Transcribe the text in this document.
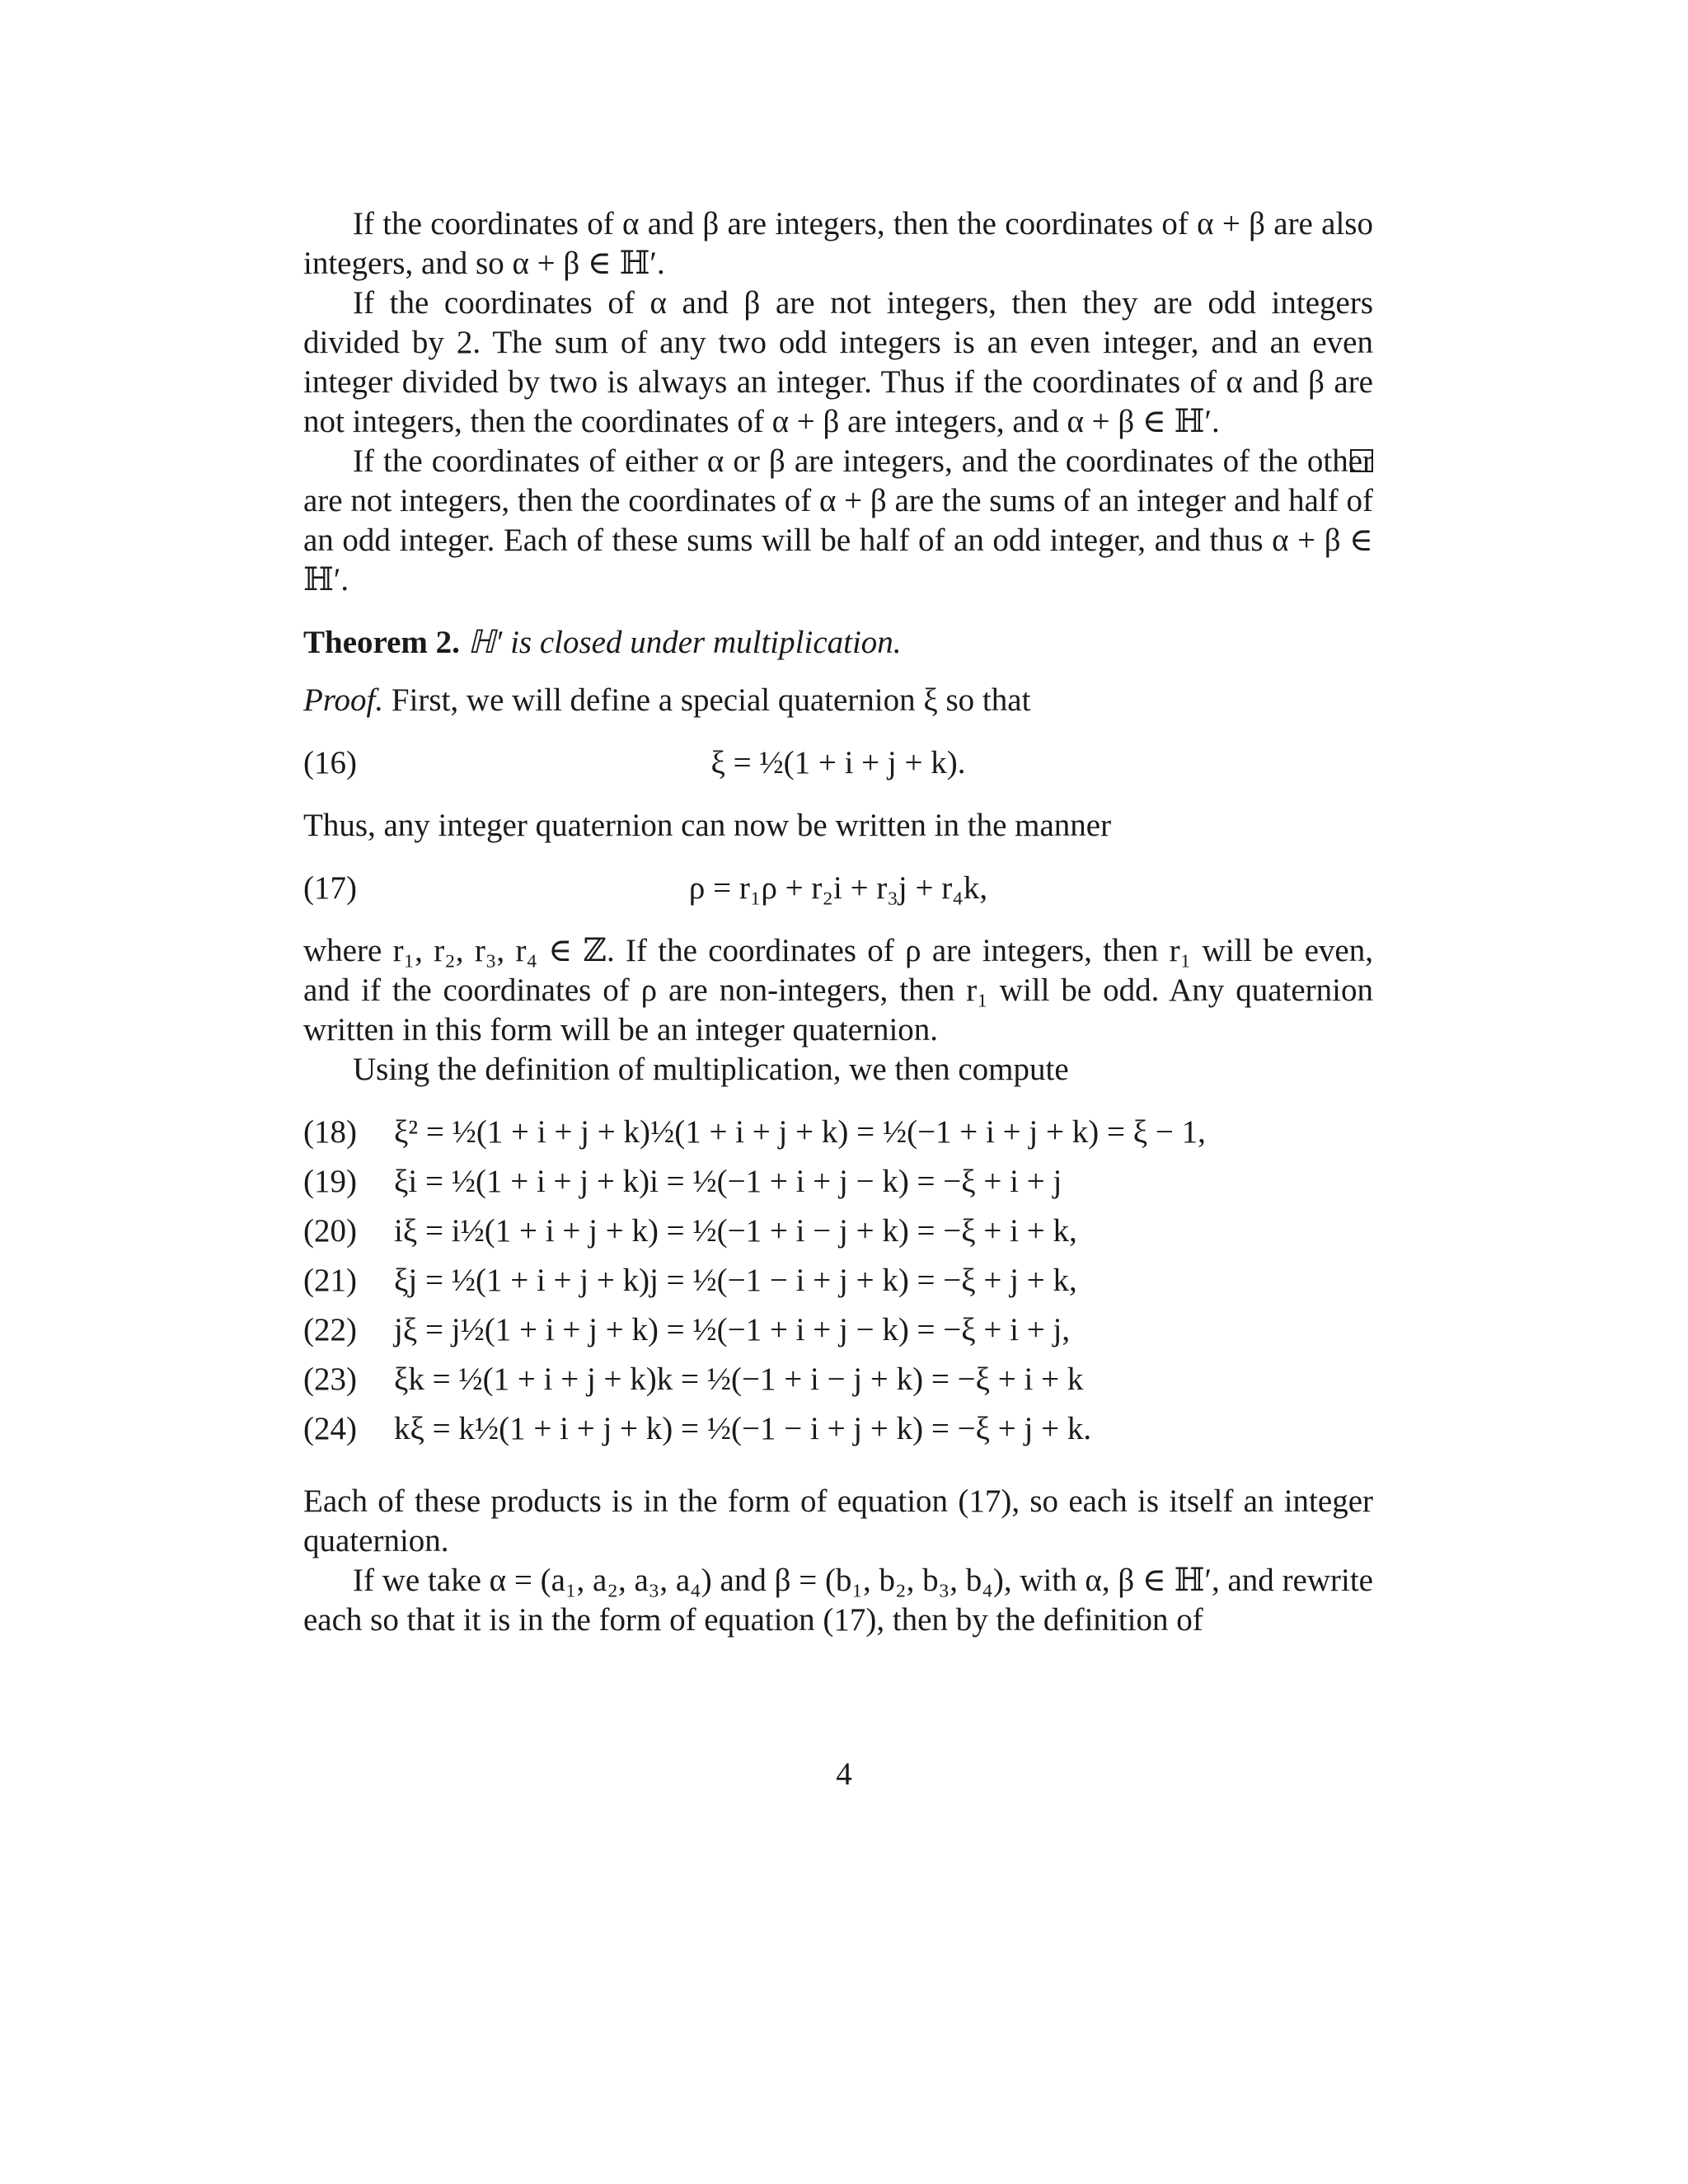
If the coordinates of α and β are integers, then the coordinates of α + β are also integers, and so α + β ∈ ℍ′.

If the coordinates of α and β are not integers, then they are odd integers divided by 2. The sum of any two odd integers is an even integer, and an even integer divided by two is always an integer. Thus if the coordinates of α and β are not integers, then the coordinates of α + β are integers, and α + β ∈ ℍ′.

If the coordinates of either α or β are integers, and the coordinates of the other are not integers, then the coordinates of α + β are the sums of an integer and half of an odd integer. Each of these sums will be half of an odd integer, and thus α + β ∈ ℍ′.

Theorem 2. ℍ′ is closed under multiplication.

Proof. First, we will define a special quaternion ξ so that

(16)	ξ = ½(1 + i + j + k).

Thus, any integer quaternion can now be written in the manner

(17)	ρ = r₁ρ + r₂i + r₃j + r₄k,

where r₁, r₂, r₃, r₄ ∈ ℤ. If the coordinates of ρ are integers, then r₁ will be even, and if the coordinates of ρ are non-integers, then r₁ will be odd. Any quaternion written in this form will be an integer quaternion.

Using the definition of multiplication, we then compute

(18)	ξ² = ½(1 + i + j + k)½(1 + i + j + k) = ½(−1 + i + j + k) = ξ − 1,
(19)	ξi = ½(1 + i + j + k)i = ½(−1 + i + j − k) = −ξ + i + j
(20)	iξ = i½(1 + i + j + k) = ½(−1 + i − j + k) = −ξ + i + k,
(21)	ξj = ½(1 + i + j + k)j = ½(−1 − i + j + k) = −ξ + j + k,
(22)	jξ = j½(1 + i + j + k) = ½(−1 + i + j − k) = −ξ + i + j,
(23)	ξk = ½(1 + i + j + k)k = ½(−1 + i − j + k) = −ξ + i + k
(24)	kξ = k½(1 + i + j + k) = ½(−1 − i + j + k) = −ξ + j + k.

Each of these products is in the form of equation (17), so each is itself an integer quaternion.

If we take α = (a₁, a₂, a₃, a₄) and β = (b₁, b₂, b₃, b₄), with α, β ∈ ℍ′, and rewrite each so that it is in the form of equation (17), then by the definition of

4
